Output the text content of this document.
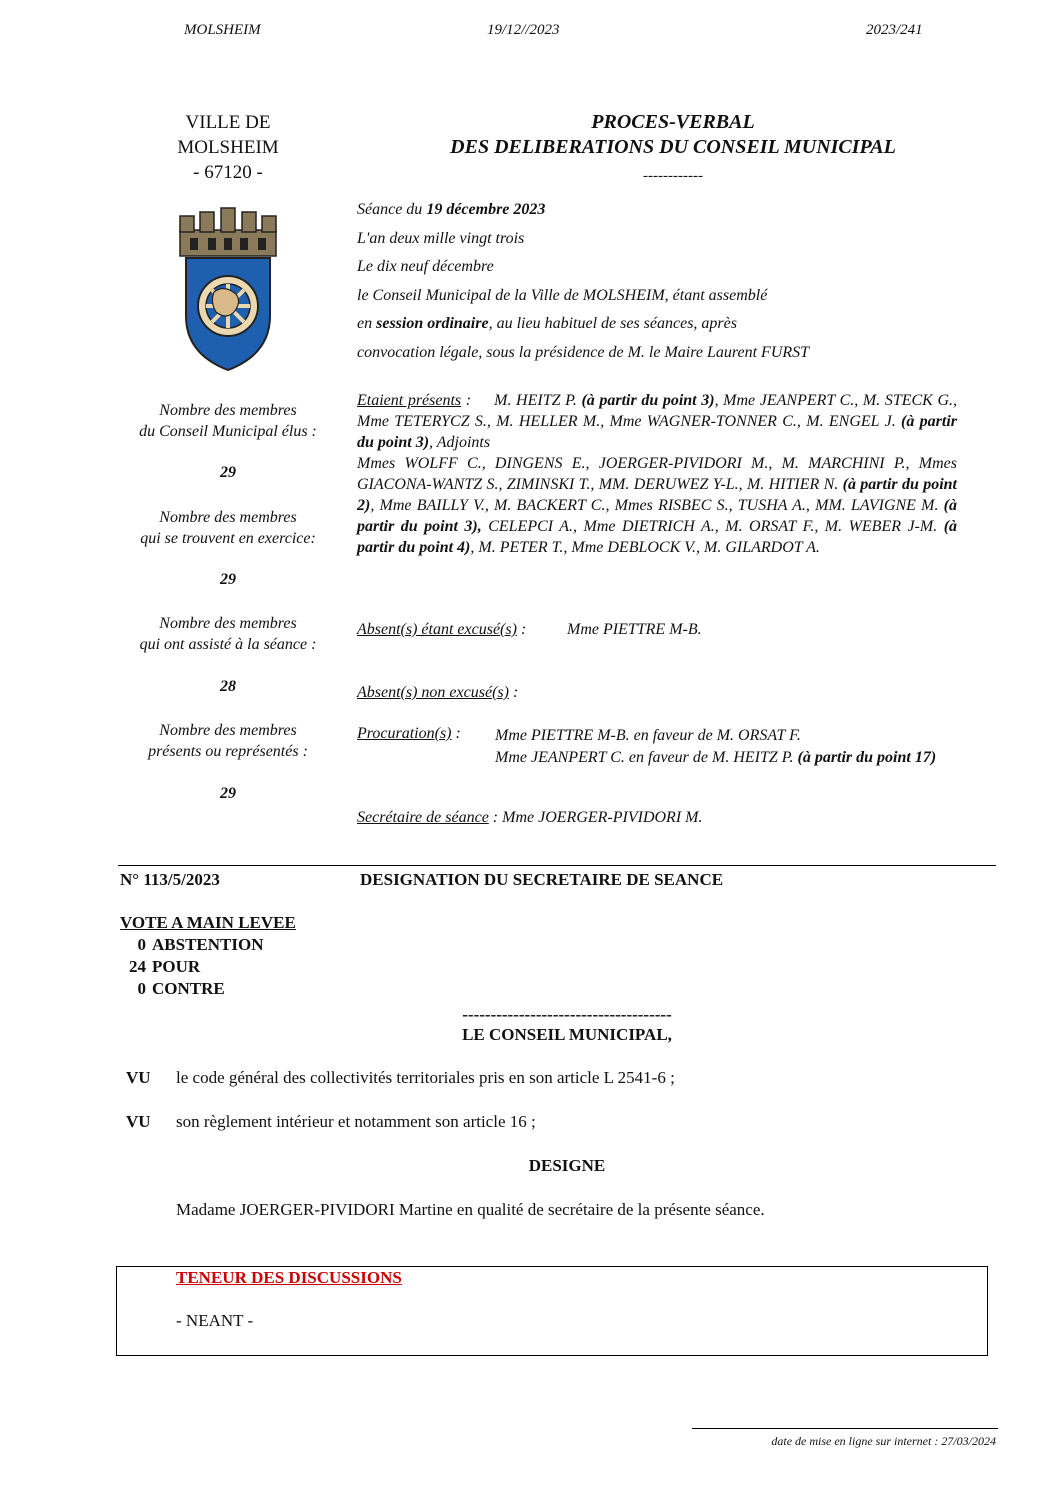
MOLSHEIM	19/12//2023	2023/241
VILLE DE
MOLSHEIM
- 67120 -
PROCES-VERBAL
DES DELIBERATIONS DU CONSEIL MUNICIPAL
------------
Séance du 19 décembre 2023
L'an deux mille vingt trois
Le dix neuf décembre
le Conseil Municipal de la Ville de MOLSHEIM, étant assemblé
en session ordinaire, au lieu habituel de ses séances, après
convocation légale, sous la présidence de M. le Maire Laurent FURST
Nombre des membres
du Conseil Municipal élus :
29
Nombre des membres
qui se trouvent en exercice:
29
Nombre des membres
qui ont assisté à la séance :
28
Nombre des membres
présents ou représentés :
29
Etaient présents : M. HEITZ P. (à partir du point 3), Mme JEANPERT C., M. STECK G., Mme TETERYCZ S., M. HELLER M., Mme WAGNER-TONNER C., M. ENGEL J. (à partir du point 3), Adjoints
Mmes WOLFF C., DINGENS E., JOERGER-PIVIDORI M., M. MARCHINI P., Mmes GIACONA-WANTZ S., ZIMINSKI T., MM. DERUWEZ Y-L., M. HITIER N. (à partir du point 2), Mme BAILLY V., M. BACKERT C., Mmes RISBEC S., TUSHA A., MM. LAVIGNE M. (à partir du point 3), CELEPCI A., Mme DIETRICH A., M. ORSAT F., M. WEBER J-M. (à partir du point 4), M. PETER T., Mme DEBLOCK V., M. GILARDOT A.
Absent(s) étant excusé(s) :	Mme PIETTRE M-B.
Absent(s) non excusé(s) :
Procuration(s) : Mme PIETTRE M-B. en faveur de M. ORSAT F.
Mme JEANPERT C. en faveur de M. HEITZ P. (à partir du point 17)
Secrétaire de séance : Mme JOERGER-PIVIDORI M.
N° 113/5/2023	DESIGNATION DU SECRETAIRE DE SEANCE
VOTE A MAIN LEVEE
0 ABSTENTION
24 POUR
0 CONTRE
-------------------------------------
LE CONSEIL MUNICIPAL,
VU le code général des collectivités territoriales pris en son article L 2541-6 ;
VU son règlement intérieur et notamment son article 16 ;
DESIGNE
Madame JOERGER-PIVIDORI Martine en qualité de secrétaire de la présente séance.
TENEUR DES DISCUSSIONS
- NEANT -
date de mise en ligne sur internet : 27/03/2024
